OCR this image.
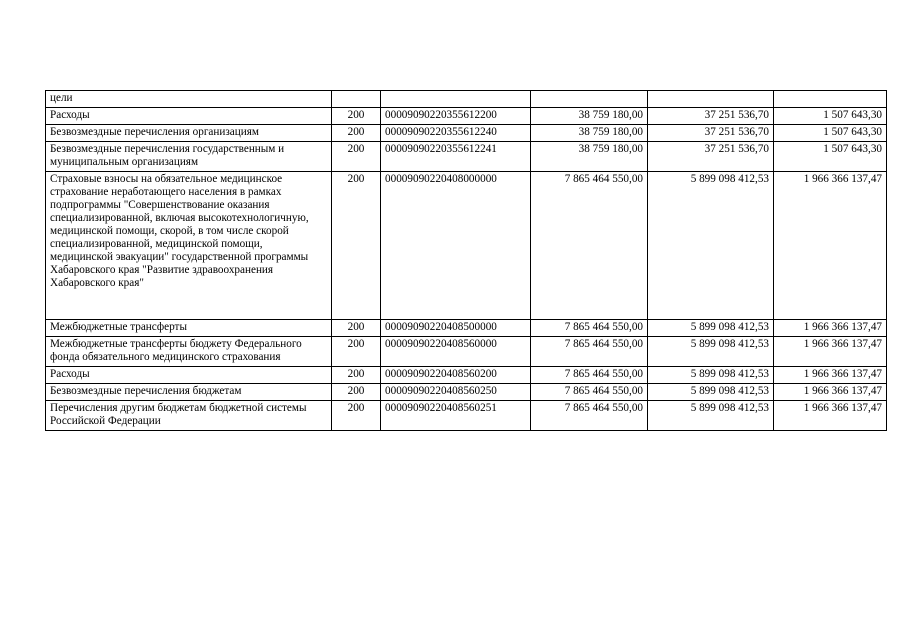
цели					
Расходы	200	00009090220355612200	38 759 180,00	37 251 536,70	1 507 643,30
Безвозмездные перечисления организациям	200	00009090220355612240	38 759 180,00	37 251 536,70	1 507 643,30
Безвозмездные перечисления государственным и муниципальным организациям	200	00009090220355612241	38 759 180,00	37 251 536,70	1 507 643,30
Страховые взносы на обязательное медицинское страхование неработающего населения в рамках подпрограммы "Совершенствование оказания специализированной, включая высокотехнологичную, медицинской помощи, скорой, в том числе скорой специализированной, медицинской помощи, медицинской эвакуации" государственной программы Хабаровского края "Развитие здравоохранения Хабаровского края"	200	00009090220408000000	7 865 464 550,00	5 899 098 412,53	1 966 366 137,47
Межбюджетные трансферты	200	00009090220408500000	7 865 464 550,00	5 899 098 412,53	1 966 366 137,47
Межбюджетные трансферты бюджету Федерального фонда обязательного медицинского страхования	200	00009090220408560000	7 865 464 550,00	5 899 098 412,53	1 966 366 137,47
Расходы	200	00009090220408560200	7 865 464 550,00	5 899 098 412,53	1 966 366 137,47
Безвозмездные перечисления бюджетам	200	00009090220408560250	7 865 464 550,00	5 899 098 412,53	1 966 366 137,47
Перечисления другим бюджетам бюджетной системы Российской Федерации	200	00009090220408560251	7 865 464 550,00	5 899 098 412,53	1 966 366 137,47
